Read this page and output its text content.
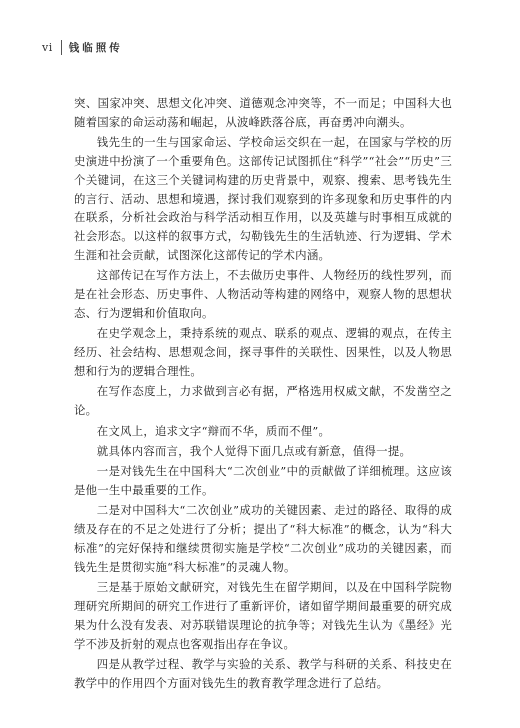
vi 钱临照传

突、国家冲突、思想文化冲突、道德观念冲突等，不一而足；中国科大也随着国家的命运动荡和崛起，从波峰跌落谷底，再奋勇冲向潮头。

钱先生的一生与国家命运、学校命运交织在一起，在国家与学校的历史演进中扮演了一个重要角色。这部传记试图抓住“科学”“社会”“历史”三个关键词，在这三个关键词构建的历史背景中，观察、搜索、思考钱先生的言行、活动、思想和境遇，探讨我们观察到的许多现象和历史事件的内在联系，分析社会政治与科学活动相互作用，以及英雄与时事相互成就的社会形态。以这样的叙事方式，勾勒钱先生的生活轨迹、行为逻辑、学术生涯和社会贡献，试图深化这部传记的学术内涵。

这部传记在写作方法上，不去做历史事件、人物经历的线性罗列，而是在社会形态、历史事件、人物活动等构建的网络中，观察人物的思想状态、行为逻辑和价值取向。

在史学观念上，秉持系统的观点、联系的观点、逻辑的观点，在传主经历、社会结构、思想观念间，探寻事件的关联性、因果性，以及人物思想和行为的逻辑合理性。

在写作态度上，力求做到言必有据，严格选用权威文献，不发凿空之论。

在文风上，追求文字“辩而不华，质而不俚”。

就具体内容而言，我个人觉得下面几点或有新意，值得一提。

一是对钱先生在中国科大“二次创业”中的贡献做了详细梳理。这应该是他一生中最重要的工作。

二是对中国科大“二次创业”成功的关键因素、走过的路径、取得的成绩及存在的不足之处进行了分析；提出了“科大标准”的概念，认为“科大标准”的完好保持和继续贯彻实施是学校“二次创业”成功的关键因素，而钱先生是贯彻实施“科大标准”的灵魂人物。

三是基于原始文献研究，对钱先生在留学期间，以及在中国科学院物理研究所期间的研究工作进行了重新评价，诸如留学期间最重要的研究成果为什么没有发表、对苏联错误理论的抗争等；对钱先生认为《墨经》光学不涉及折射的观点也客观指出存在争议。

四是从教学过程、教学与实验的关系、教学与科研的关系、科技史在教学中的作用四个方面对钱先生的教育教学理念进行了总结。
